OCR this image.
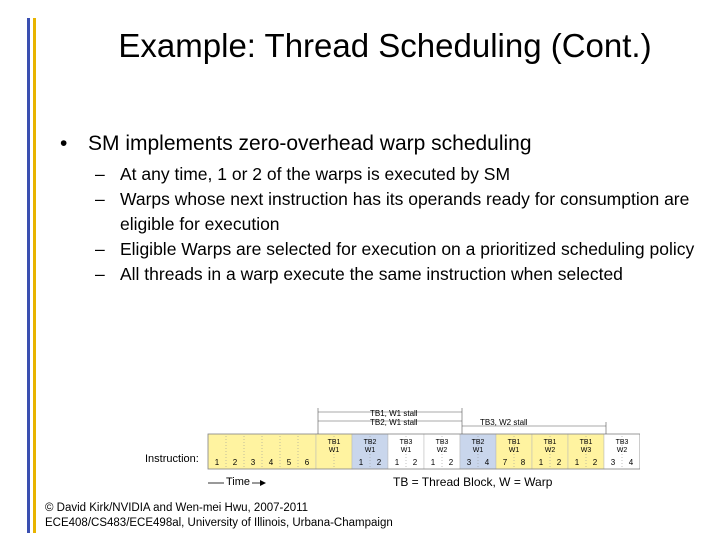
Example: Thread Scheduling (Cont.)
• SM implements zero-overhead warp scheduling
– At any time, 1 or 2 of the warps is executed by SM
– Warps whose next instruction has its operands ready for consumption are eligible for execution
– Eligible Warps are selected for execution on a prioritized scheduling policy
– All threads in a warp execute the same instruction when selected
1 2 3 4 5 6
TB1
W1
TB2
W1
1 2
TB3
W1
1 2
TB3
W2
1 2
TB2
W1
3 4
TB1
W1
7 8
TB1
W2
1 2
TB1
W3
1 2
TB3
W2
3 4
Instruction:
Time	TB = Thread Block, W = Warp
TB1, W1 stall
TB2, W1 stall	TB3, W2 stall
© David Kirk/NVIDIA and Wen-mei Hwu, 2007-2011
ECE408/CS483/ECE498al, University of Illinois, Urbana-Champaign
